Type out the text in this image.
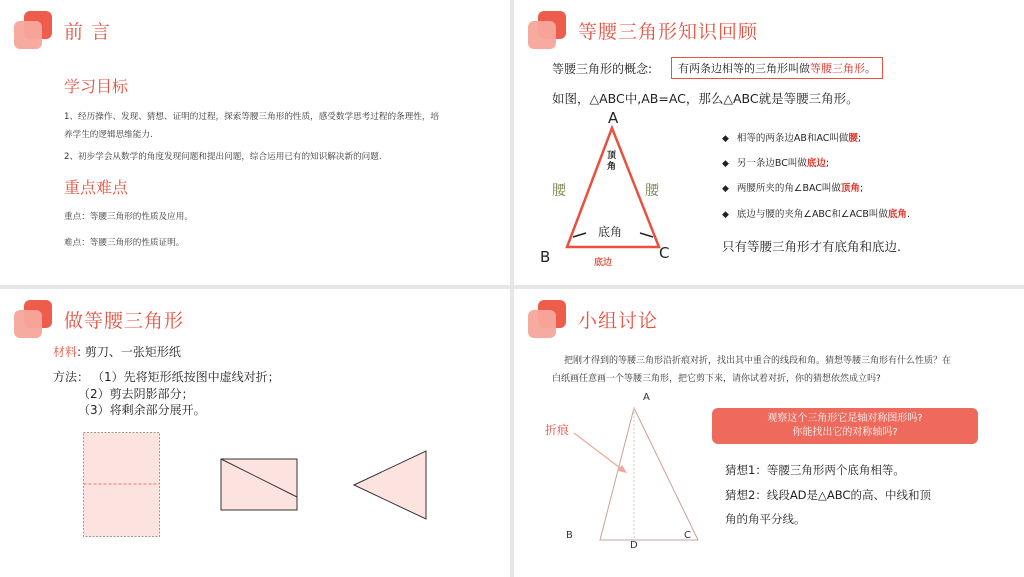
前 言
学习目标
1、经历操作、发现、猜想、证明的过程，探索等腰三角形的性质，感受数学思考过程的条理性，培
养学生的逻辑思维能力.
2、初步学会从数学的角度发现问题和提出问题，综合运用已有的知识解决新的问题.
重点难点
重点：等腰三角形的性质及应用。
难点：等腰三角形的性质证明。
等腰三角形知识回顾
等腰三角形的概念:	有两条边相等的三角形叫做等腰三角形。
如图，△ABC中,AB=AC，那么△ABC就是等腰三角形。
A
B	C
顶
角
腰	腰
底角
底边
◆ 相等的两条边AB和AC叫做腰;
◆ 另一条边BC叫做底边;
◆ 两腰所夹的角∠BAC叫做顶角;
◆ 底边与腰的夹角∠ABC和∠ACB叫做底角.
只有等腰三角形才有底角和底边.
做等腰三角形
材料: 剪刀、一张矩形纸
方法： （1）先将矩形纸按图中虚线对折；
（2）剪去阴影部分；
（3）将剩余部分展开。
小组讨论
把刚才得到的等腰三角形沿折痕对折，找出其中重合的线段和角。猜想等腰三角形有什么性质？在
白纸画任意画一个等腰三角形，把它剪下来，请你试着对折，你的猜想依然成立吗?
折痕
A
B	C
D
观察这个三角形它是轴对称图形吗?
你能找出它的对称轴吗?
猜想1：等腰三角形两个底角相等。
猜想2：线段AD是△ABC的高、中线和顶
角的角平分线。
